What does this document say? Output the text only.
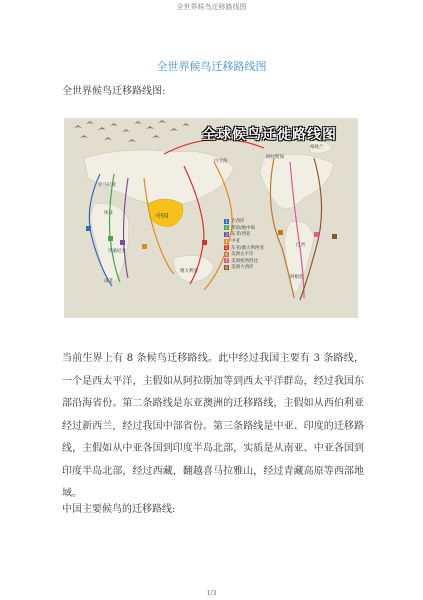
全世界候鸟迁移路线图
全世界候鸟迁移路线图
全世界候鸟迁移路线图:
全球候鸟迁徙路线图
中国
白令海
阿拉斯加
格陵兰
罗马尼亚
埃及
坦桑尼亚
南非
澳大利亚
巴西
阿根廷
1 大西洋
2 黑海/地中海
3 东非/西亚
4 中亚
5 东亚/澳大利西亚
6 美洲太平洋
7 美洲密西西比
8 美洲大西洋
当前生界上有 8 条候鸟迁移路线。此中经过我国主要有 3 条路线，一个是西太平洋，主假如从阿拉斯加等到西太平洋群岛，经过我国东部沿海省份。第二条路线是东亚澳洲的迁移路线，主假如从西伯利亚经过新西兰，经过我国中部省份。第三条路线是中亚、印度的迁移路线，主假如从中亚各国到印度半岛北部，实质是从南亚、中亚各国到印度半岛北部，经过西藏，翻越喜马拉雅山，经过青藏高原等西部地域。
中国主要候鸟的迁移路线:
1/3
